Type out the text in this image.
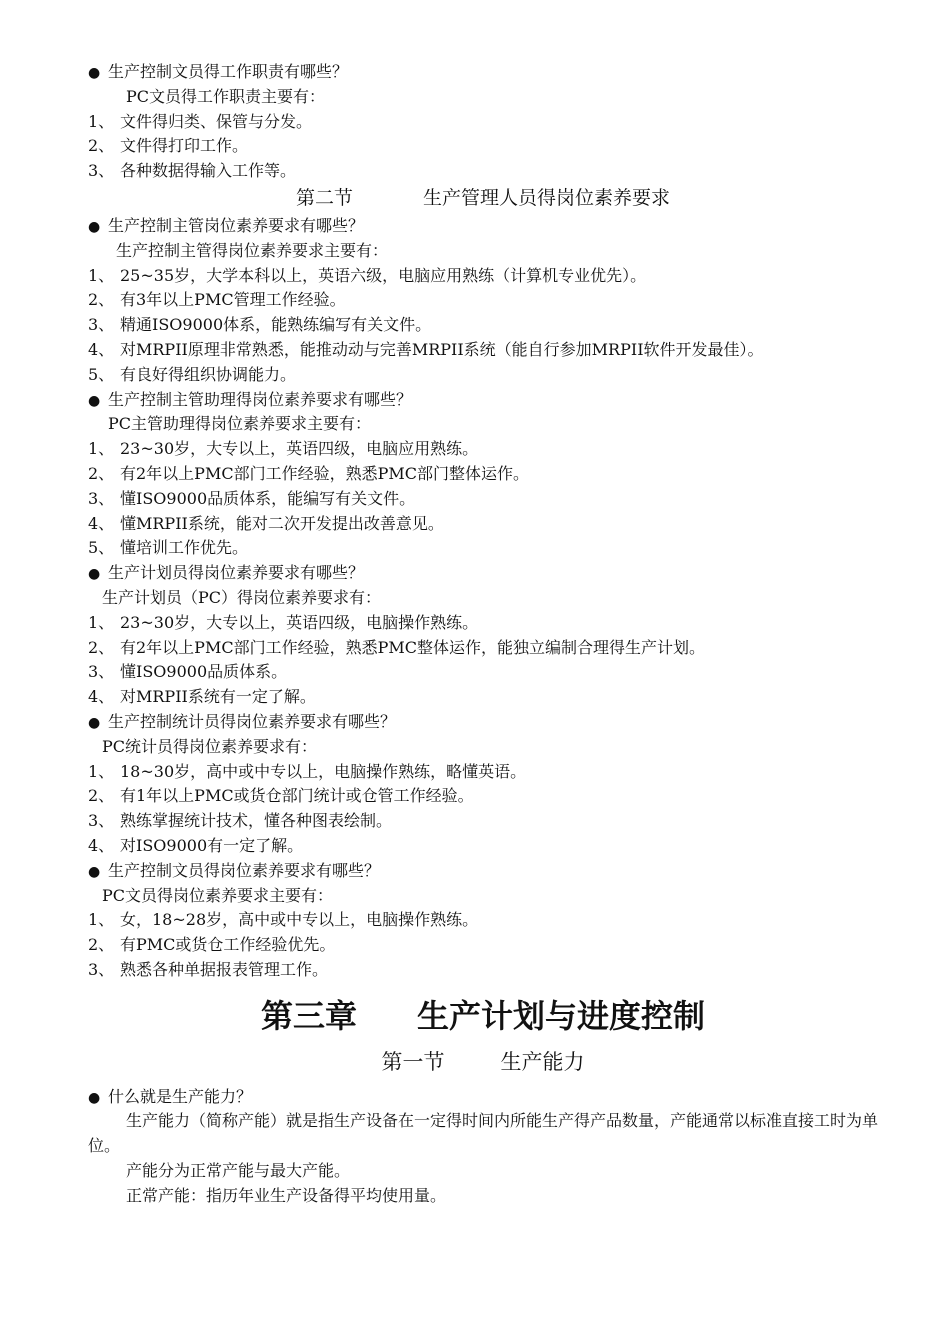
● 生产控制文员得工作职责有哪些？
PC文员得工作职责主要有：
1、 文件得归类、保管与分发。
2、 文件得打印工作。
3、 各种数据得输入工作等。
第二节	生产管理人员得岗位素养要求
● 生产控制主管岗位素养要求有哪些？
生产控制主管得岗位素养要求主要有：
1、 25~35岁，大学本科以上，英语六级，电脑应用熟练（计算机专业优先）。
2、 有3年以上PMC管理工作经验。
3、 精通ISO9000体系，能熟练编写有关文件。
4、 对MRPII原理非常熟悉，能推动动与完善MRPII系统（能自行参加MRPII软件开发最佳）。
5、 有良好得组织协调能力。
● 生产控制主管助理得岗位素养要求有哪些？
PC主管助理得岗位素养要求主要有：
1、 23~30岁，大专以上，英语四级，电脑应用熟练。
2、 有2年以上PMC部门工作经验，熟悉PMC部门整体运作。
3、 懂ISO9000品质体系，能编写有关文件。
4、 懂MRPII系统，能对二次开发提出改善意见。
5、 懂培训工作优先。
● 生产计划员得岗位素养要求有哪些？
生产计划员（PC）得岗位素养要求有：
1、 23~30岁，大专以上，英语四级，电脑操作熟练。
2、 有2年以上PMC部门工作经验，熟悉PMC整体运作，能独立编制合理得生产计划。
3、 懂ISO9000品质体系。
4、 对MRPII系统有一定了解。
● 生产控制统计员得岗位素养要求有哪些？
PC统计员得岗位素养要求有：
1、 18~30岁，高中或中专以上，电脑操作熟练，略懂英语。
2、 有1年以上PMC或货仓部门统计或仓管工作经验。
3、 熟练掌握统计技术，懂各种图表绘制。
4、 对ISO9000有一定了解。
● 生产控制文员得岗位素养要求有哪些？
PC文员得岗位素养要求主要有：
1、 女，18~28岁，高中或中专以上，电脑操作熟练。
2、 有PMC或货仓工作经验优先。
3、 熟悉各种单据报表管理工作。
第三章 生产计划与进度控制
第一节	生产能力
● 什么就是生产能力？
生产能力（简称产能）就是指生产设备在一定得时间内所能生产得产品数量，产能通常以标准直接工时为单位。
产能分为正常产能与最大产能。
正常产能：指历年业生产设备得平均使用量。
